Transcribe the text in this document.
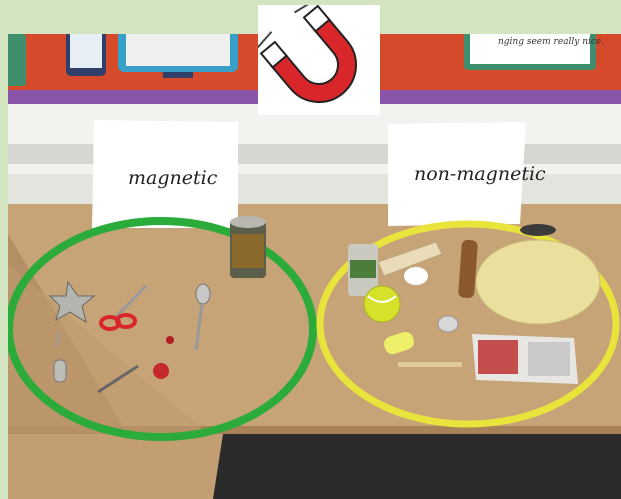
nging seem really nice.
magnetic	non-magnetic
